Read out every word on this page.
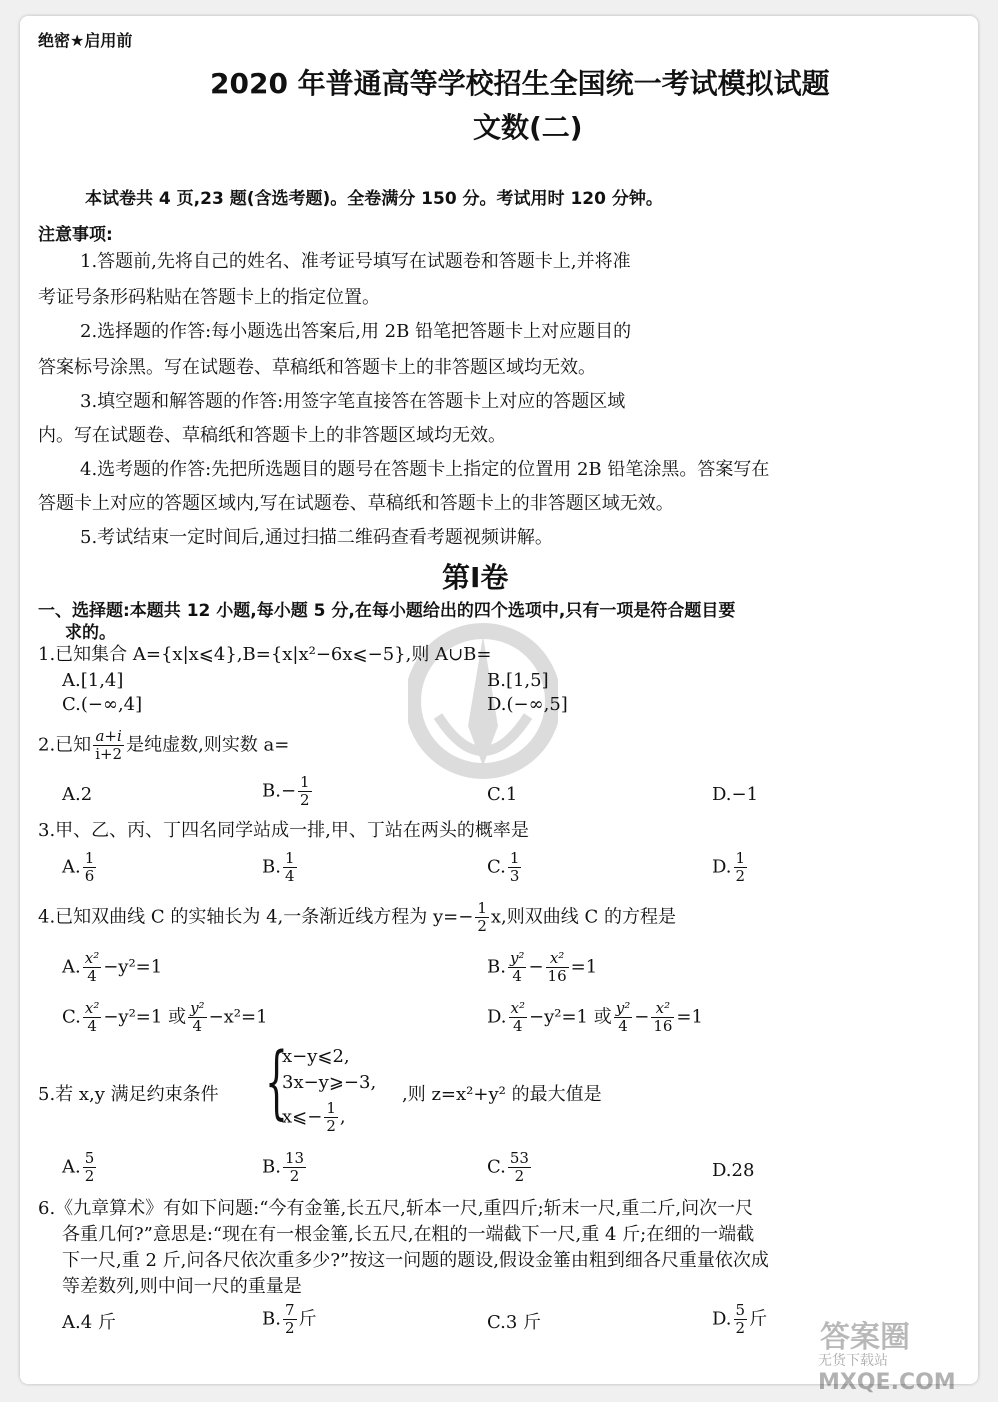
绝密★启用前
2020 年普通高等学校招生全国统一考试模拟试题
文数(二)
本试卷共 4 页,23 题(含选考题)。全卷满分 150 分。考试用时 120 分钟。
注意事项:
1.答题前,先将自己的姓名、准考证号填写在试题卷和答题卡上,并将准
考证号条形码粘贴在答题卡上的指定位置。
2.选择题的作答:每小题选出答案后,用 2B 铅笔把答题卡上对应题目的
答案标号涂黑。写在试题卷、草稿纸和答题卡上的非答题区域均无效。
3.填空题和解答题的作答:用签字笔直接答在答题卡上对应的答题区域
内。写在试题卷、草稿纸和答题卡上的非答题区域均无效。
4.选考题的作答:先把所选题目的题号在答题卡上指定的位置用 2B 铅笔涂黑。答案写在
答题卡上对应的答题区域内,写在试题卷、草稿纸和答题卡上的非答题区域无效。
5.考试结束一定时间后,通过扫描二维码查看考题视频讲解。
第Ⅰ卷
一、选择题:本题共 12 小题,每小题 5 分,在每小题给出的四个选项中,只有一项是符合题目要
求的。
1.已知集合 A={x|x⩽4},B={x|x²−6x⩽−5},则 A∪B=
A.[1,4]	B.[1,5]
C.(−∞,4]	D.(−∞,5]
2.已知 $\frac{a+i}{i+2}$ 是纯虚数,则实数 a=
A.2	$B.- \frac{1}{2}$	C.1	D.−1
3.甲、乙、丙、丁四名同学站成一排,甲、丁站在两头的概率是
A. $\frac{1}{6}$	B. $\frac{1}{4}$	C. $\frac{1}{3}$	D. $\frac{1}{2}$
4.已知双曲线 C 的实轴长为 4,一条渐近线方程为 $y=- \frac{1}{2} x$,则双曲线 C 的方程是
A. $\frac{\text{x²}}{4} -y^2=1$	B. $\frac{\text{y²}}{4} - \frac{\text{x²}}{16} =1$
C. $\frac{\text{x²}}{4} -y^2=1$ 或 $\frac{\text{y²}}{4} -x^2=1$	D. $\frac{\text{x²}}{4} -y^2=1$ 或 $\frac{\text{y²}}{4} - \frac{\text{x²}}{16} =1$
5.若 x,y 满足约束条件 {
x−y⩽2,
3x−y⩾−3,
x⩽− $\frac{1}{2}$ ,
,则 z=x²+y² 的最大值是
A. $\frac{5}{2}$	B. $\frac{13}{2}$	C. $\frac{53}{2}$	D.28
6.《九章算术》有如下问题:“今有金箠,长五尺,斩本一尺,重四斤;斩末一尺,重二斤,问次一尺
各重几何?”意思是:“现在有一根金箠,长五尺,在粗的一端截下一尺,重 4 斤;在细的一端截
下一尺,重 2 斤,问各尺依次重多少?”按这一问题的题设,假设金箠由粗到细各尺重量依次成
等差数列,则中间一尺的重量是
A.4 斤	B. $\frac{7}{2}$ 斤	C.3 斤	D. $\frac{5}{2}$ 斤
答案圈
无货下载站
MXQE.COM
